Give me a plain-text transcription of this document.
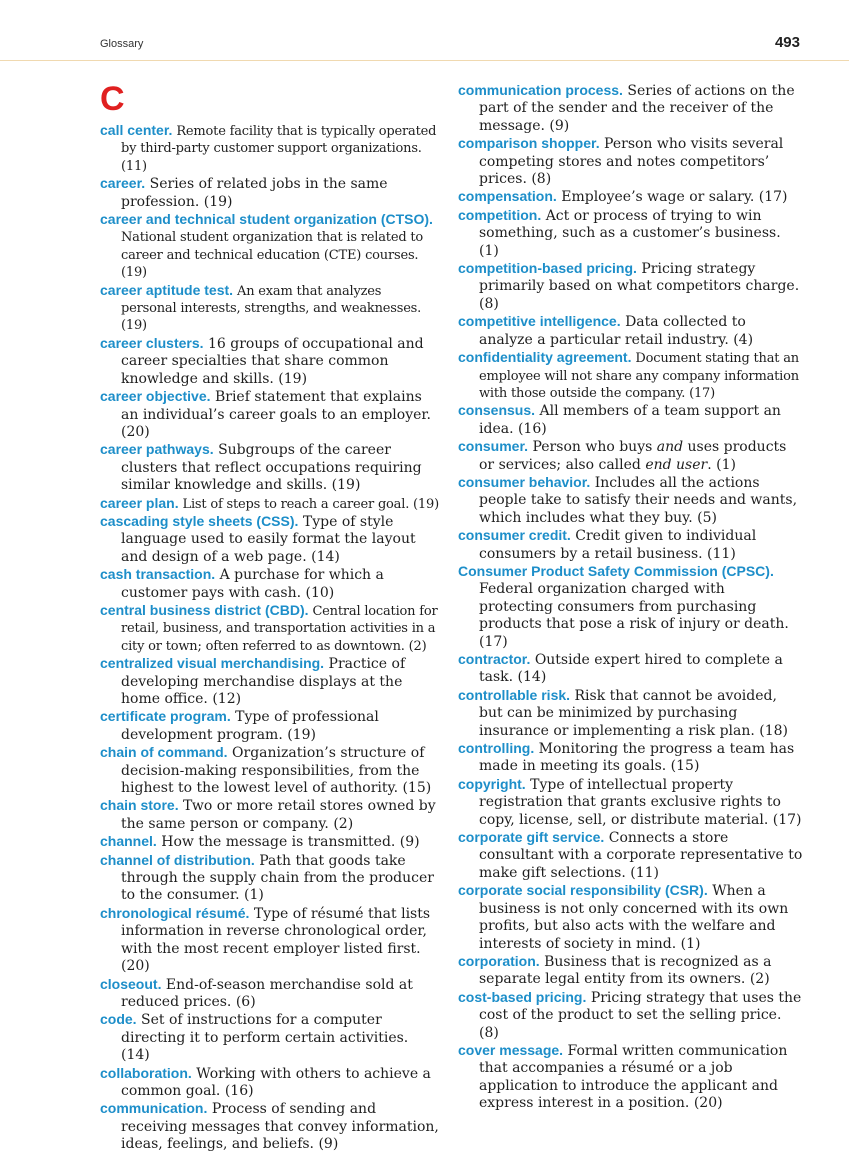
Glossary	493
C

call center. Remote facility that is typically operated by third-party customer support organizations. (11)

career. Series of related jobs in the same profession. (19)

career and technical student organization (CTSO). National student organization that is related to career and technical education (CTE) courses. (19)

career aptitude test. An exam that analyzes personal interests, strengths, and weaknesses. (19)

career clusters. 16 groups of occupational and career specialties that share common knowledge and skills. (19)

career objective. Brief statement that explains an individual’s career goals to an employer. (20)

career pathways. Subgroups of the career clusters that reflect occupations requiring similar knowledge and skills. (19)

career plan. List of steps to reach a career goal. (19)

cascading style sheets (CSS). Type of style language used to easily format the layout and design of a web page. (14)

cash transaction. A purchase for which a customer pays with cash. (10)

central business district (CBD). Central location for retail, business, and transportation activities in a city or town; often referred to as downtown. (2)

centralized visual merchandising. Practice of developing merchandise displays at the home office. (12)

certificate program. Type of professional development program. (19)

chain of command. Organization’s structure of decision-making responsibilities, from the highest to the lowest level of authority. (15)

chain store. Two or more retail stores owned by the same person or company. (2)

channel. How the message is transmitted. (9)

channel of distribution. Path that goods take through the supply chain from the producer to the consumer. (1)

chronological résumé. Type of résumé that lists information in reverse chronological order, with the most recent employer listed first. (20)

closeout. End-of-season merchandise sold at reduced prices. (6)

code. Set of instructions for a computer directing it to perform certain activities. (14)

collaboration. Working with others to achieve a common goal. (16)

communication. Process of sending and receiving messages that convey information, ideas, feelings, and beliefs. (9)

communication process. Series of actions on the part of the sender and the receiver of the message. (9)

comparison shopper. Person who visits several competing stores and notes competitors’ prices. (8)

compensation. Employee’s wage or salary. (17)

competition. Act or process of trying to win something, such as a customer’s business. (1)

competition-based pricing. Pricing strategy primarily based on what competitors charge. (8)

competitive intelligence. Data collected to analyze a particular retail industry. (4)

confidentiality agreement. Document stating that an employee will not share any company information with those outside the company. (17)

consensus. All members of a team support an idea. (16)

consumer. Person who buys and uses products or services; also called end user. (1)

consumer behavior. Includes all the actions people take to satisfy their needs and wants, which includes what they buy. (5)

consumer credit. Credit given to individual consumers by a retail business. (11)

Consumer Product Safety Commission (CPSC). Federal organization charged with protecting consumers from purchasing products that pose a risk of injury or death. (17)

contractor. Outside expert hired to complete a task. (14)

controllable risk. Risk that cannot be avoided, but can be minimized by purchasing insurance or implementing a risk plan. (18)

controlling. Monitoring the progress a team has made in meeting its goals. (15)

copyright. Type of intellectual property registration that grants exclusive rights to copy, license, sell, or distribute material. (17)

corporate gift service. Connects a store consultant with a corporate representative to make gift selections. (11)

corporate social responsibility (CSR). When a business is not only concerned with its own profits, but also acts with the welfare and interests of society in mind. (1)

corporation. Business that is recognized as a separate legal entity from its owners. (2)

cost-based pricing. Pricing strategy that uses the cost of the product to set the selling price. (8)

cover message. Formal written communication that accompanies a résumé or a job application to introduce the applicant and express interest in a position. (20)
